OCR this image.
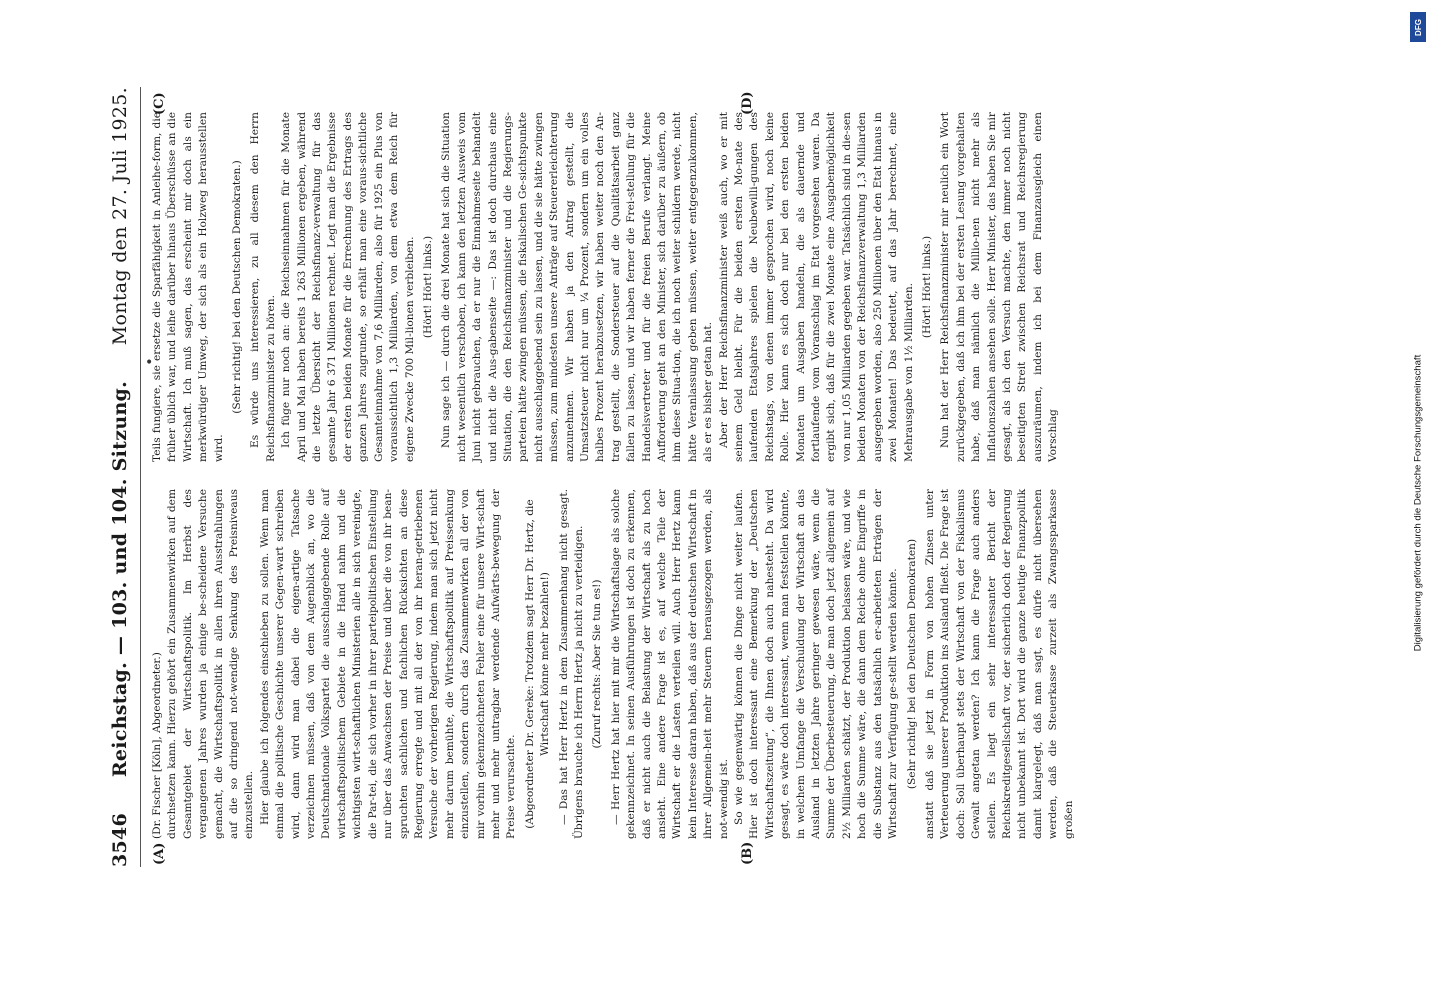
•
3546
Reichstag. — 103. und 104. Sitzung.
Montag den 27. Juli 1925.
(A)	(B)
(C)	(D)

(Dr. Fischer [Köln], Abgeordneter.) durchsetzen kann. Hierzu gehört ein Zusammenwirken auf dem Gesamtgebiet der Wirtschaftspolitik. Im Herbst des vergangenen Jahres wurden ja einige be-scheidene Versuche gemacht, die Wirtschaftspolitik in allen ihren Ausstrahlungen auf die so dringend not-wendige Senkung des Preisniveaus einzustellen. Hier glaube ich folgendes einschieben zu sollen. Wenn man einmal die politische Geschichte unserer Gegen-wart schreiben wird, dann wird man dabei die eigen-artige Tatsache verzeichnen müssen, daß von dem Augenblick an, wo die Deutschnationale Volkspartei die ausschlaggebende Rolle auf wirtschaftspolitischem Gebiete in die Hand nahm und die wichtigsten wirt-schaftlichen Ministerien alle in sich vereinigte, die Par-tei, die sich vorher in ihrer parteipolitischen Einstellung nur über das Anwachsen der Preise und über die von ihr bean-spruchten sachlichen und fachlichen Rücksichten an diese Regierung erregte und mit all der von ihr heran-getriebenen Versuche der vorherigen Regierung, indem man sich jetzt nicht mehr darum bemühte, die Wirtschaftspolitik auf Preissenkung einzustellen, sondern durch das Zusammenwirken all der von mir vorhin gekennzeichneten Fehler eine für unsere Wirt-schaft mehr und mehr untragbar werdende Aufwärts-bewegung der Preise verursachte. (Abgeordneter Dr. Gereke: Trotzdem sagt Herr Dr. Hertz, die Wirtschaft könne mehr bezahlen!) — Das hat Herr Hertz in dem Zusammenhang nicht gesagt. Übrigens brauche ich Herrn Hertz ja nicht zu verteidigen. (Zuruf rechts: Aber Sie tun es!) — Herr Hertz hat hier mit mir die Wirtschaftslage als solche gekennzeichnet. In seinen Ausführungen ist doch zu erkennen, daß er nicht auch die Belastung der Wirtschaft als zu hoch ansieht. Eine andere Frage ist es, auf welche Teile der Wirtschaft er die Lasten verteilen will. Auch Herr Hertz kann kein Interesse daran haben, daß aus der deutschen Wirtschaft in ihrer Allgemein-heit mehr Steuern herausgezogen werden, als not-wendig ist. So wie gegenwärtig können die Dinge nicht weiter laufen. Hier ist doch interessant eine Bemerkung der „Deutschen Wirtschaftszeitung“, die Ihnen doch auch nahesteht. Da wird gesagt, es wäre doch interessant, wenn man feststellen könnte, in welchem Umfange die Verschuldung der Wirtschaft an das Ausland in letzten Jahre geringer gewesen wäre, wenn die Summe der Überbesteuerung, die man doch jetzt allgemein auf 2½ Milliarden schätzt, der Produktion belassen wäre, und wie hoch die Summe wäre, die dann dem Reiche ohne Eingriffe in die Substanz aus den tatsächlich er-arbeiteten Erträgen der Wirtschaft zur Verfügung ge-stellt werden könnte. (Sehr richtig! bei den Deutschen Demokraten) anstatt daß sie jetzt in Form von hohen Zinsen unter Verteuerung unserer Produktion ins Ausland fließt. Die Frage ist doch: Soll überhaupt stets der Wirtschaft von der Fiskalismus Gewalt angetan werden? Ich kann die Frage auch anders stellen. Es liegt ein sehr interessanter Bericht der Reichskreditgesellschaft vor, der sicherlich doch der Regierung nicht unbekannt ist. Dort wird die ganze heutige Finanzpolitik damit klargelegt, daß man sagt, es dürfe nicht übersehen werden, daß die Steuerkasse zurzeit als Zwangssparkasse großen

Teils fungiere, sie ersetze die Sparfähigkeit in Anleihe-form, die früher üblich war, und leihe darüber hinaus Überschüsse an die Wirtschaft. Ich muß sagen, das erscheint mir doch als ein merkwürdiger Umweg, der sich als ein Holzweg herausstellen wird.

(Sehr richtig! bei den Deutschen Demokraten.) Es würde uns interessieren, zu all diesem den Herrn Reichsfinanzminister zu hören. Ich füge nur noch an: die Reichseinnahmen für die Monate April und Mai haben bereits 1 263 Millionen ergeben, während die letzte Übersicht der Reichsfinanz-verwaltung für das gesamte Jahr 6 371 Millionen rechnet. Legt man die Ergebnisse der ersten beiden Monate für die Errechnung des Ertrags des ganzen Jahres zugrunde, so erhält man eine voraus-sichtliche Gesamteinnahme von 7,6 Milliarden, also für 1925 ein Plus von voraussichtlich 1,3 Milliarden, von dem etwa dem Reich für eigene Zwecke 700 Mil-lionen verbleiben. (Hört! Hört! links.) Nun sage ich — durch die drei Monate hat sich die Situation nicht wesentlich verschoben, ich kann den letzten Ausweis vom Juni nicht gebrauchen, da er nur die Einnahmeseite behandelt und nicht die Aus-gabenseite —: Das ist doch durchaus eine Situation, die den Reichsfinanzminister und die Regierungs-parteien hätte zwingen müssen, die fiskalischen Ge-sichtspunkte nicht ausschlaggebend sein zu lassen, und die sie hätte zwingen müssen, zum mindesten unsere Anträge auf Steuererleichterung anzunehmen. Wir haben ja den Antrag gestellt, die Umsatzsteuer nicht nur um ¼ Prozent, sondern um ein volles halbes Prozent herabzusetzen, wir haben weiter noch den An-trag gestellt, die Sondersteuer auf die Qualitätsarbeit ganz fallen zu lassen, und wir haben ferner die Frei-stellung für die Handelsvertreter und für die freien Berufe verlangt. Meine Aufforderung geht an den Minister, sich darüber zu äußern, ob ihm diese Situa-tion, die ich noch weiter schildern werde, nicht hätte Veranlassung geben müssen, weiter entgegenzukommen, als er es bisher getan hat. Aber der Herr Reichsfinanzminister weiß auch, wo er mit seinem Geld bleibt. Für die beiden ersten Mo-nate des laufenden Etatsjahres spielen die Neubewilli-gungen des Reichstags, von denen immer gesprochen wird, noch keine Rolle. Hier kann es sich doch nur bei den ersten beiden Monaten um Ausgaben handeln, die als dauernde und fortlaufende vom Voranschlag im Etat vorgesehen waren. Da ergibt sich, daß für die zwei Monate eine Ausgabemöglichkeit von nur 1,05 Milliarden gegeben war. Tatsächlich sind in die-sen beiden Monaten von der Reichsfinanzverwaltung 1,3 Milliarden ausgegeben worden, also 250 Millionen über den Etat hinaus in zwei Monaten! Das bedeutet, auf das Jahr berechnet, eine Mehrausgabe von 1½ Milliarden. (Hört! Hört! links.) Nun hat der Herr Reichsfinanzminister mir neulich ein Wort zurückgegeben, daß ich ihm bei der ersten Lesung vorgehalten habe, daß man nämlich die Millio-nen nicht mehr als Inflationszahlen ansehen solle. Herr Minister, das haben Sie mir gesagt, als ich den Versuch machte, den immer noch nicht beseitigten Streit zwischen Reichsrat und Reichsregierung auszuräumen, indem ich bei dem Finanzausgleich einen Vorschlag

DFG
Digitalisierung gefördert durch die Deutsche Forschungsgemeinschaft
